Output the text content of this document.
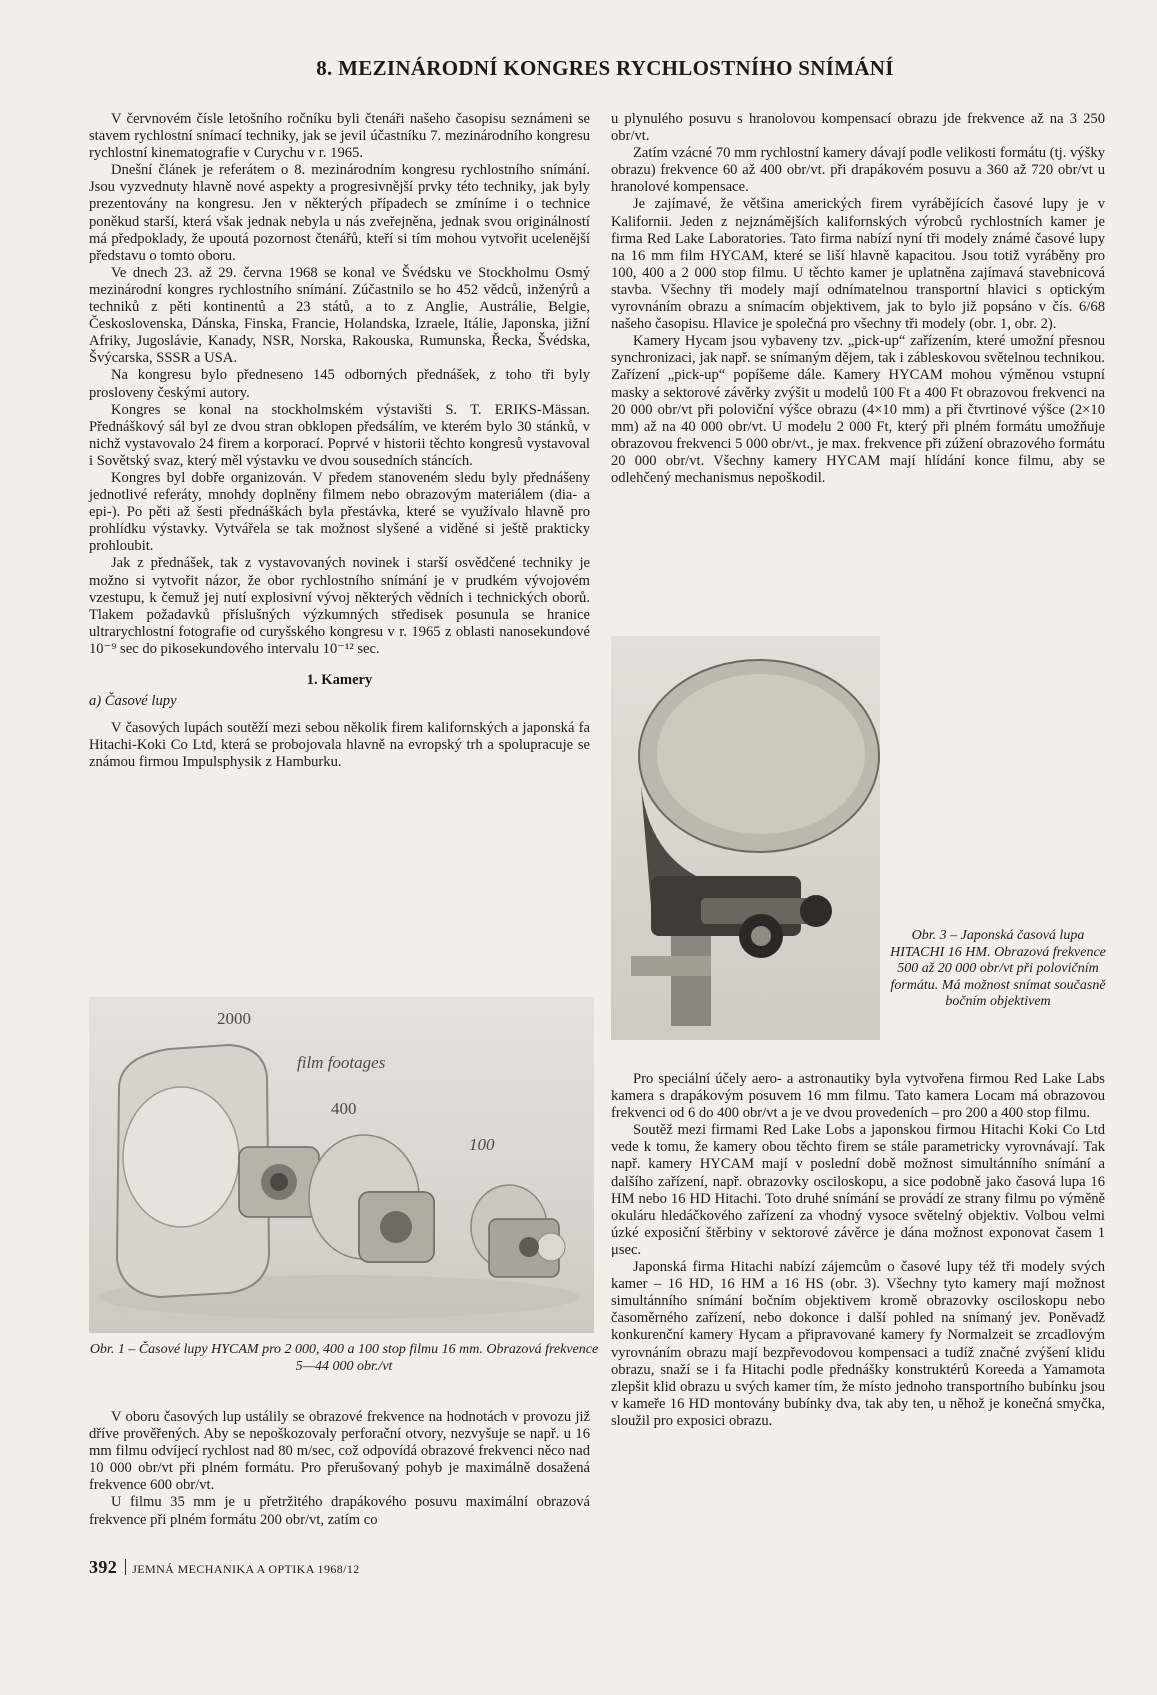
8. MEZINÁRODNÍ KONGRES RYCHLOSTNÍHO SNÍMÁNÍ

V červnovém čísle letošního ročníku byli čtenáři našeho časopisu seznámeni se stavem rychlostní snímací techniky, jak se jevil účastníku 7. mezinárodního kongresu rychlostní kinematografie v Curychu v r. 1965.

Dnešní článek je referátem o 8. mezinárodním kongresu rychlostního snímání. Jsou vyzvednuty hlavně nové aspekty a progresivnější prvky této techniky, jak byly prezentovány na kongresu. Jen v některých případech se zmíníme i o technice poněkud starší, která však jednak nebyla u nás zveřejněna, jednak svou originálností má předpoklady, že upoutá pozornost čtenářů, kteří si tím mohou vytvořit ucelenější představu o tomto oboru.

Ve dnech 23. až 29. června 1968 se konal ve Švédsku ve Stockholmu Osmý mezinárodní kongres rychlostního snímání. Zúčastnilo se ho 452 vědců, inženýrů a techniků z pěti kontinentů a 23 států, a to z Anglie, Austrálie, Belgie, Československa, Dánska, Finska, Francie, Holandska, Izraele, Itálie, Japonska, jižní Afriky, Jugoslávie, Kanady, NSR, Norska, Rakouska, Rumunska, Řecka, Švédska, Švýcarska, SSSR a USA.

Na kongresu bylo předneseno 145 odborných přednášek, z toho tři byly prosloveny českými autory.

Kongres se konal na stockholmském výstavišti S. T. ERIKS-Mässan. Přednáškový sál byl ze dvou stran obklopen předsálím, ve kterém bylo 30 stánků, v nichž vystavovalo 24 firem a korporací. Poprvé v historii těchto kongresů vystavoval i Sovětský svaz, který měl výstavku ve dvou sousedních stáncích.

Kongres byl dobře organizován. V předem stanoveném sledu byly přednášeny jednotlivé referáty, mnohdy doplněny filmem nebo obrazovým materiálem (dia- a epi-). Po pěti až šesti přednáškách byla přestávka, které se využívalo hlavně pro prohlídku výstavky. Vytvářela se tak možnost slyšené a viděné si ještě prakticky prohloubit.

Jak z přednášek, tak z vystavovaných novinek i starší osvědčené techniky je možno si vytvořit názor, že obor rychlostního snímání je v prudkém vývojovém vzestupu, k čemuž jej nutí explosivní vývoj některých vědních i technických oborů. Tlakem požadavků příslušných výzkumných středisek posunula se hranice ultrarychlostní fotografie od curyšského kongresu v r. 1965 z oblasti nanosekundové 10⁻⁹ sec do pikosekundového intervalu 10⁻¹² sec.

1. Kamery

a) Časové lupy

V časových lupách soutěží mezi sebou několik firem kalifornských a japonská fa Hitachi-Koki Co Ltd, která se probojovala hlavně na evropský trh a spolupracuje se známou firmou Impulsphysik z Hamburku.

2000
film footages
400
100
Obr. 1 – Časové lupy HYCAM pro 2 000, 400 a 100 stop filmu 16 mm. Obrazová frekvence 5—44 000 obr./vt

V oboru časových lup ustálily se obrazové frekvence na hodnotách v provozu již dříve prověřených. Aby se nepoškozovaly perforační otvory, nezvyšuje se např. u 16 mm filmu odvíjecí rychlost nad 80 m/sec, což odpovídá obrazové frekvenci něco nad 10 000 obr/vt při plném formátu. Pro přerušovaný pohyb je maximálně dosažená frekvence 600 obr/vt.

U filmu 35 mm je u přetržitého drapákového posuvu maximální obrazová frekvence při plném formátu 200 obr/vt, zatím co

u plynulého posuvu s hranolovou kompensací obrazu jde frekvence až na 3 250 obr/vt.

Zatím vzácné 70 mm rychlostní kamery dávají podle velikosti formátu (tj. výšky obrazu) frekvence 60 až 400 obr/vt. při drapákovém posuvu a 360 až 720 obr/vt u hranolové kompensace.

Je zajímavé, že většina amerických firem vyrábějících časové lupy je v Kalifornii. Jeden z nejznámějších kalifornských výrobců rychlostních kamer je firma Red Lake Laboratories. Tato firma nabízí nyní tři modely známé časové lupy na 16 mm film HYCAM, které se liší hlavně kapacitou. Jsou totiž vyráběny pro 100, 400 a 2 000 stop filmu. U těchto kamer je uplatněna zajímavá stavebnicová stavba. Všechny tři modely mají odnímatelnou transportní hlavici s optickým vyrovnáním obrazu a snímacím objektivem, jak to bylo již popsáno v čís. 6/68 našeho časopisu. Hlavice je společná pro všechny tři modely (obr. 1, obr. 2).

Kamery Hycam jsou vybaveny tzv. „pick-up“ zařízením, které umožní přesnou synchronizaci, jak např. se snímaným dějem, tak i zábleskovou světelnou technikou. Zařízení „pick-up“ popíšeme dále. Kamery HYCAM mohou výměnou vstupní masky a sektorové závěrky zvýšit u modelů 100 Ft a 400 Ft obrazovou frekvenci na 20 000 obr/vt při poloviční výšce obrazu (4×10 mm) a při čtvrtinové výšce (2×10 mm) až na 40 000 obr/vt. U modelu 2 000 Ft, který při plném formátu umožňuje obrazovou frekvenci 5 000 obr/vt., je max. frekvence při zúžení obrazového formátu 20 000 obr/vt. Všechny kamery HYCAM mají hlídání konce filmu, aby se odlehčený mechanismus nepoškodil.

Obr. 3 – Japonská časová lupa HITACHI 16 HM. Obrazová frekvence 500 až 20 000 obr/vt při polovičním formátu. Má možnost snímat současně bočním objektivem

Pro speciální účely aero- a astronautiky byla vytvořena firmou Red Lake Labs kamera s drapákovým posuvem 16 mm filmu. Tato kamera Locam má obrazovou frekvenci od 6 do 400 obr/vt a je ve dvou provedeních – pro 200 a 400 stop filmu.

Soutěž mezi firmami Red Lake Lobs a japonskou firmou Hitachi Koki Co Ltd vede k tomu, že kamery obou těchto firem se stále parametricky vyrovnávají. Tak např. kamery HYCAM mají v poslední době možnost simultánního snímání a dalšího zařízení, např. obrazovky osciloskopu, a sice podobně jako časová lupa 16 HM nebo 16 HD Hitachi. Toto druhé snímání se provádí ze strany filmu po výměně okuláru hledáčkového zařízení za vhodný vysoce světelný objektiv. Volbou velmi úzké exposiční štěrbiny v sektorové závěrce je dána možnost exponovat časem 1 μsec.

Japonská firma Hitachi nabízí zájemcům o časové lupy též tři modely svých kamer – 16 HD, 16 HM a 16 HS (obr. 3). Všechny tyto kamery mají možnost simultánního snímání bočním objektivem kromě obrazovky osciloskopu nebo časoměrného zařízení, nebo dokonce i další pohled na snímaný jev. Poněvadž konkurenční kamery Hycam a připravované kamery fy Normalzeit se zrcadlovým vyrovnáním obrazu mají bezpřevodovou kompensaci a tudíž značné zvýšení klidu obrazu, snaží se i fa Hitachi podle přednášky konstruktérů Koreeda a Yamamota zlepšit klid obrazu u svých kamer tím, že místo jednoho transportního bubínku jsou v kameře 16 HD montovány bubínky dva, tak aby ten, u něhož je konečná smyčka, sloužil pro exposici obrazu.

392 JEMNÁ MECHANIKA A OPTIKA 1968/12
